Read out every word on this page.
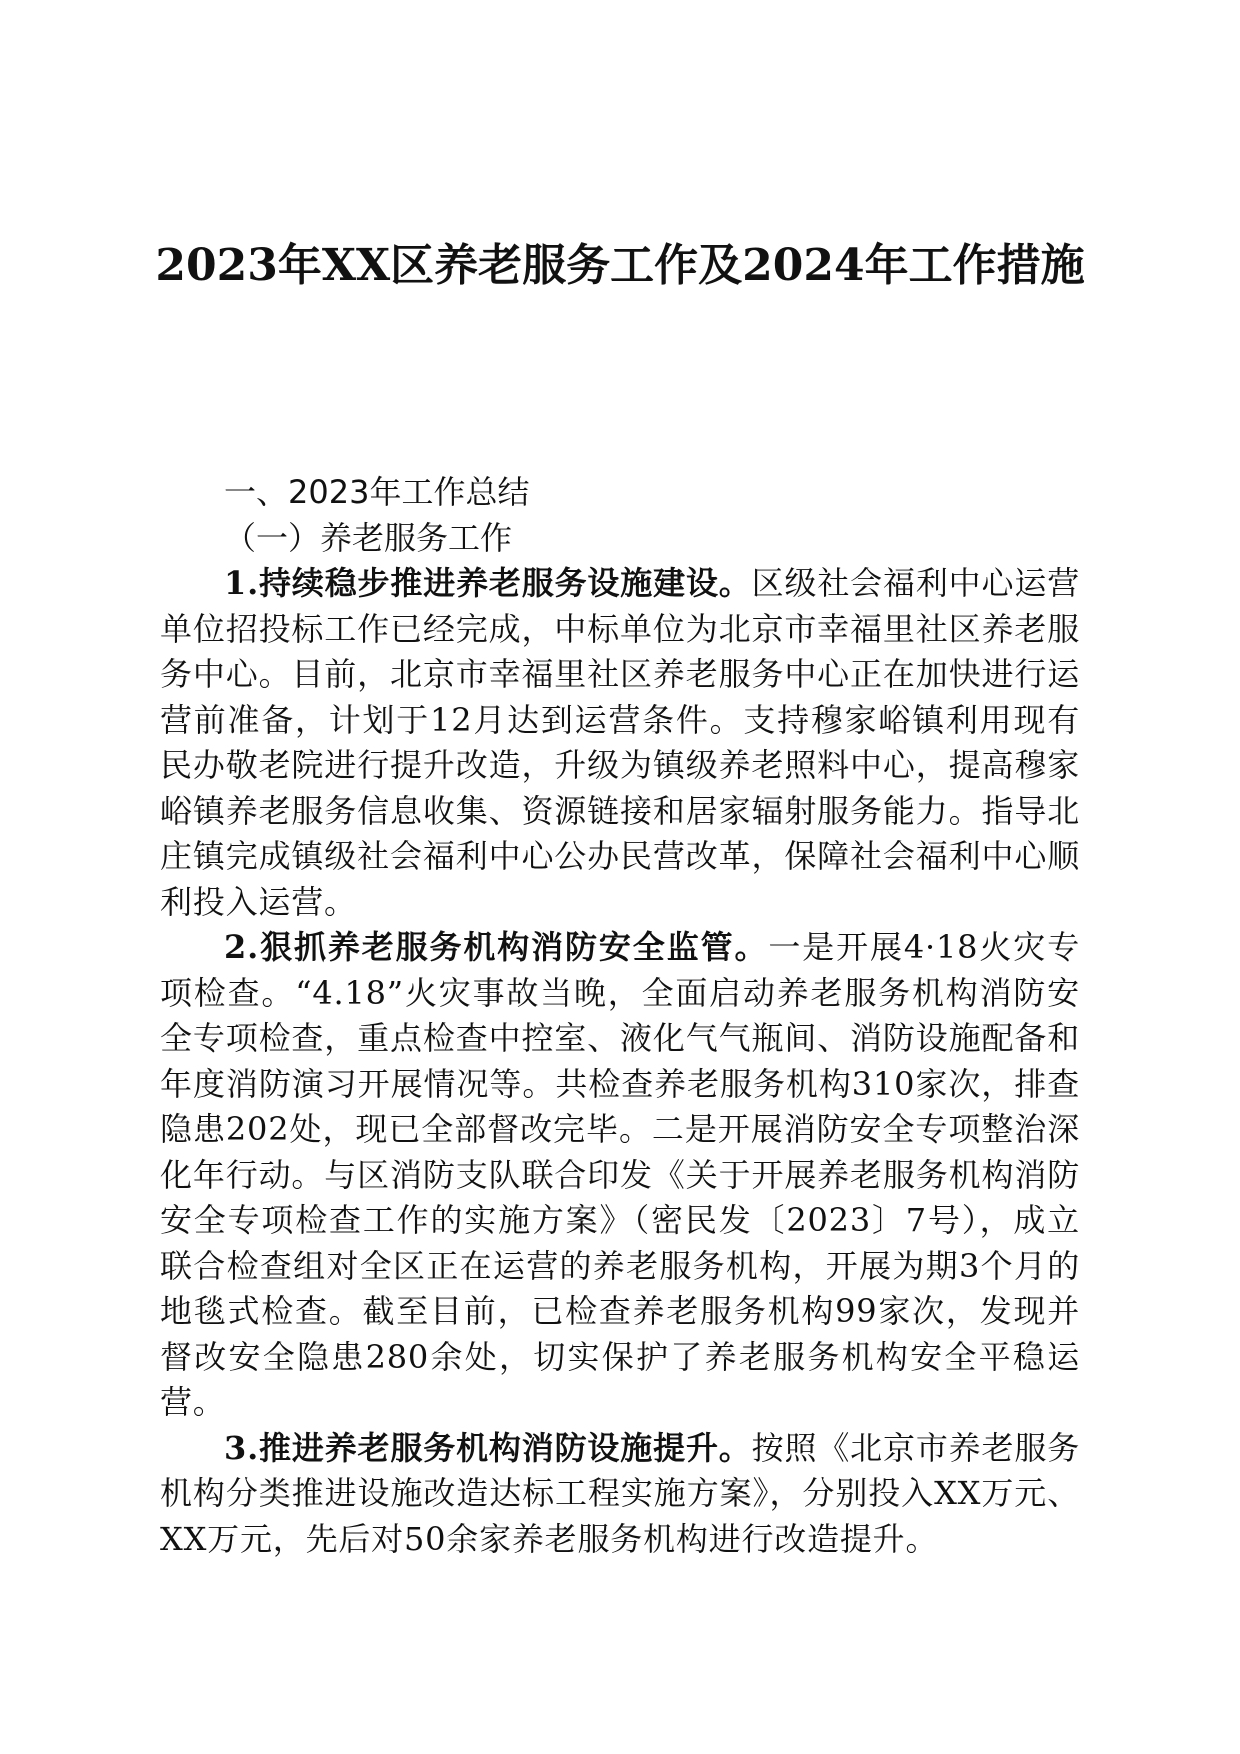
2023年XX区养老服务工作及2024年工作措施
一、2023年工作总结
（一）养老服务工作

1.持续稳步推进养老服务设施建设。区级社会福利中心运营单位招投标工作已经完成，中标单位为北京市幸福里社区养老服务中心。目前，北京市幸福里社区养老服务中心正在加快进行运营前准备，计划于12月达到运营条件。支持穆家峪镇利用现有民办敬老院进行提升改造，升级为镇级养老照料中心，提高穆家峪镇养老服务信息收集、资源链接和居家辐射服务能力。指导北庄镇完成镇级社会福利中心公办民营改革，保障社会福利中心顺利投入运营。

2.狠抓养老服务机构消防安全监管。一是开展4·18火灾专项检查。“4.18”火灾事故当晚，全面启动养老服务机构消防安全专项检查，重点检查中控室、液化气气瓶间、消防设施配备和年度消防演习开展情况等。共检查养老服务机构310家次，排查隐患202处，现已全部督改完毕。二是开展消防安全专项整治深化年行动。与区消防支队联合印发《关于开展养老服务机构消防安全专项检查工作的实施方案》（密民发〔2023〕7号），成立联合检查组对全区正在运营的养老服务机构，开展为期3个月的地毯式检查。截至目前，已检查养老服务机构99家次，发现并督改安全隐患280余处，切实保护了养老服务机构安全平稳运营。

3.推进养老服务机构消防设施提升。按照《北京市养老服务机构分类推进设施改造达标工程实施方案》，分别投入XX万元、XX万元，先后对50余家养老服务机构进行改造提升。
